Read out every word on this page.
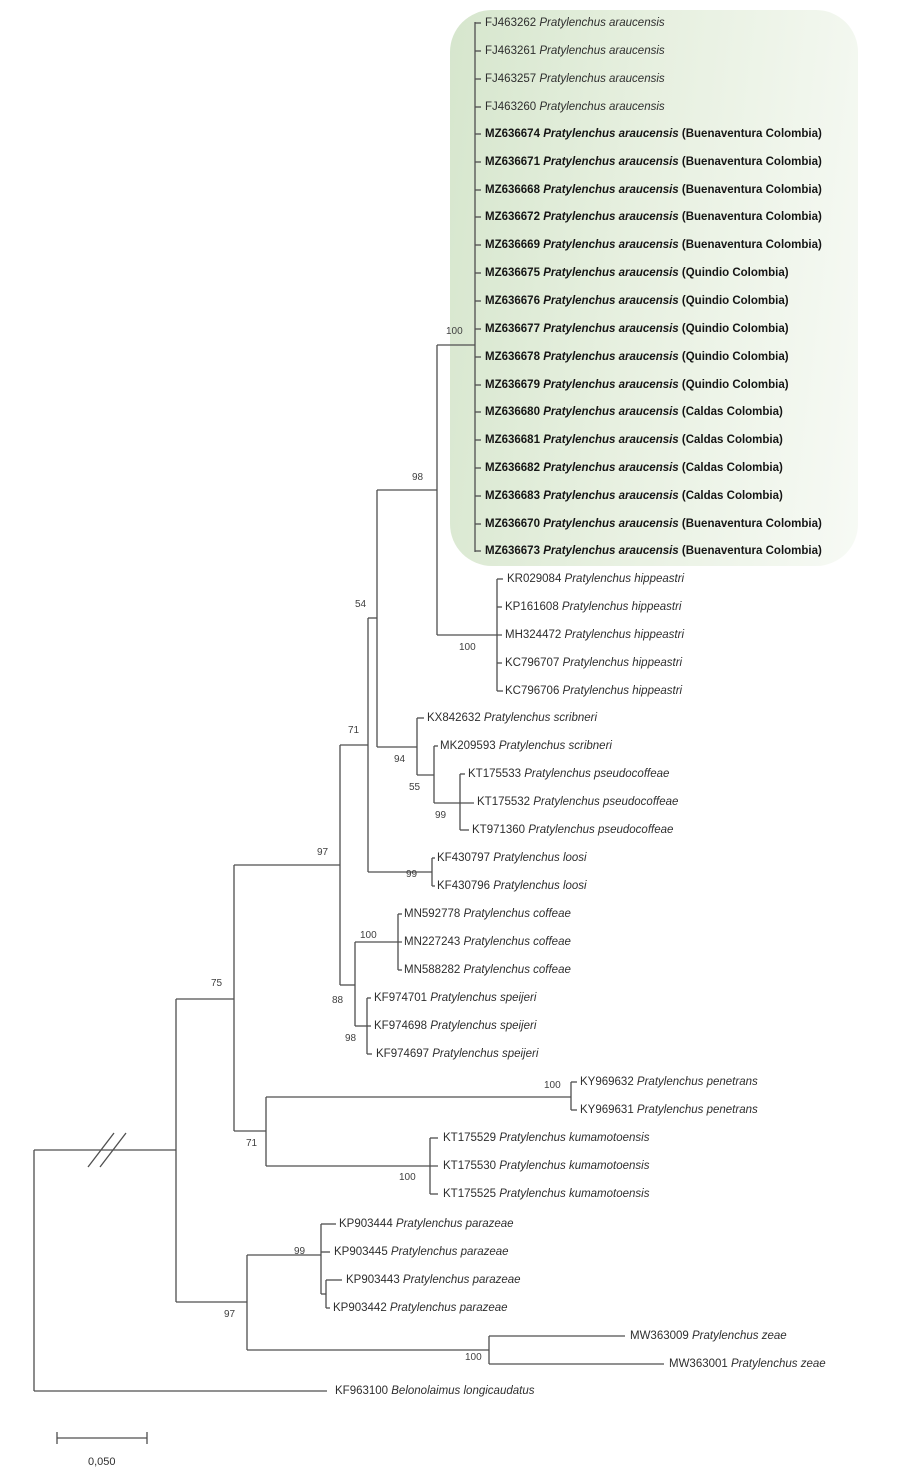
FJ463262 Pratylenchus araucensis
FJ463261 Pratylenchus araucensis
FJ463257 Pratylenchus araucensis
FJ463260 Pratylenchus araucensis
MZ636674 Pratylenchus araucensis (Buenaventura Colombia)
MZ636671 Pratylenchus araucensis (Buenaventura Colombia)
MZ636668 Pratylenchus araucensis (Buenaventura Colombia)
MZ636672 Pratylenchus araucensis (Buenaventura Colombia)
MZ636669 Pratylenchus araucensis (Buenaventura Colombia)
MZ636675 Pratylenchus araucensis (Quindio Colombia)
MZ636676 Pratylenchus araucensis (Quindio Colombia)
MZ636677 Pratylenchus araucensis (Quindio Colombia)
MZ636678 Pratylenchus araucensis (Quindio Colombia)
MZ636679 Pratylenchus araucensis (Quindio Colombia)
MZ636680 Pratylenchus araucensis (Caldas Colombia)
MZ636681 Pratylenchus araucensis (Caldas Colombia)
MZ636682 Pratylenchus araucensis (Caldas Colombia)
MZ636683 Pratylenchus araucensis (Caldas Colombia)
MZ636670 Pratylenchus araucensis (Buenaventura Colombia)
MZ636673 Pratylenchus araucensis (Buenaventura Colombia)
KR029084 Pratylenchus hippeastri
KP161608 Pratylenchus hippeastri
MH324472 Pratylenchus hippeastri
KC796707 Pratylenchus hippeastri
KC796706 Pratylenchus hippeastri
KX842632 Pratylenchus scribneri
MK209593 Pratylenchus scribneri
KT175533 Pratylenchus pseudocoffeae
KT175532 Pratylenchus pseudocoffeae
KT971360 Pratylenchus pseudocoffeae
KF430797 Pratylenchus loosi
KF430796 Pratylenchus loosi
MN592778 Pratylenchus coffeae
MN227243 Pratylenchus coffeae
MN588282 Pratylenchus coffeae
KF974701 Pratylenchus speijeri
KF974698 Pratylenchus speijeri
KF974697 Pratylenchus speijeri
KY969632 Pratylenchus penetrans
KY969631 Pratylenchus penetrans
KT175529 Pratylenchus kumamotoensis
KT175530 Pratylenchus kumamotoensis
KT175525 Pratylenchus kumamotoensis
KP903444 Pratylenchus parazeae
KP903445 Pratylenchus parazeae
KP903443 Pratylenchus parazeae
KP903442 Pratylenchus parazeae
MW363009 Pratylenchus zeae
MW363001 Pratylenchus zeae
KF963100 Belonolaimus longicaudatus
100
98
54
100
71
94
55
99
99
97
100
88
98
75
100
71
100
97
99
100
0,050
